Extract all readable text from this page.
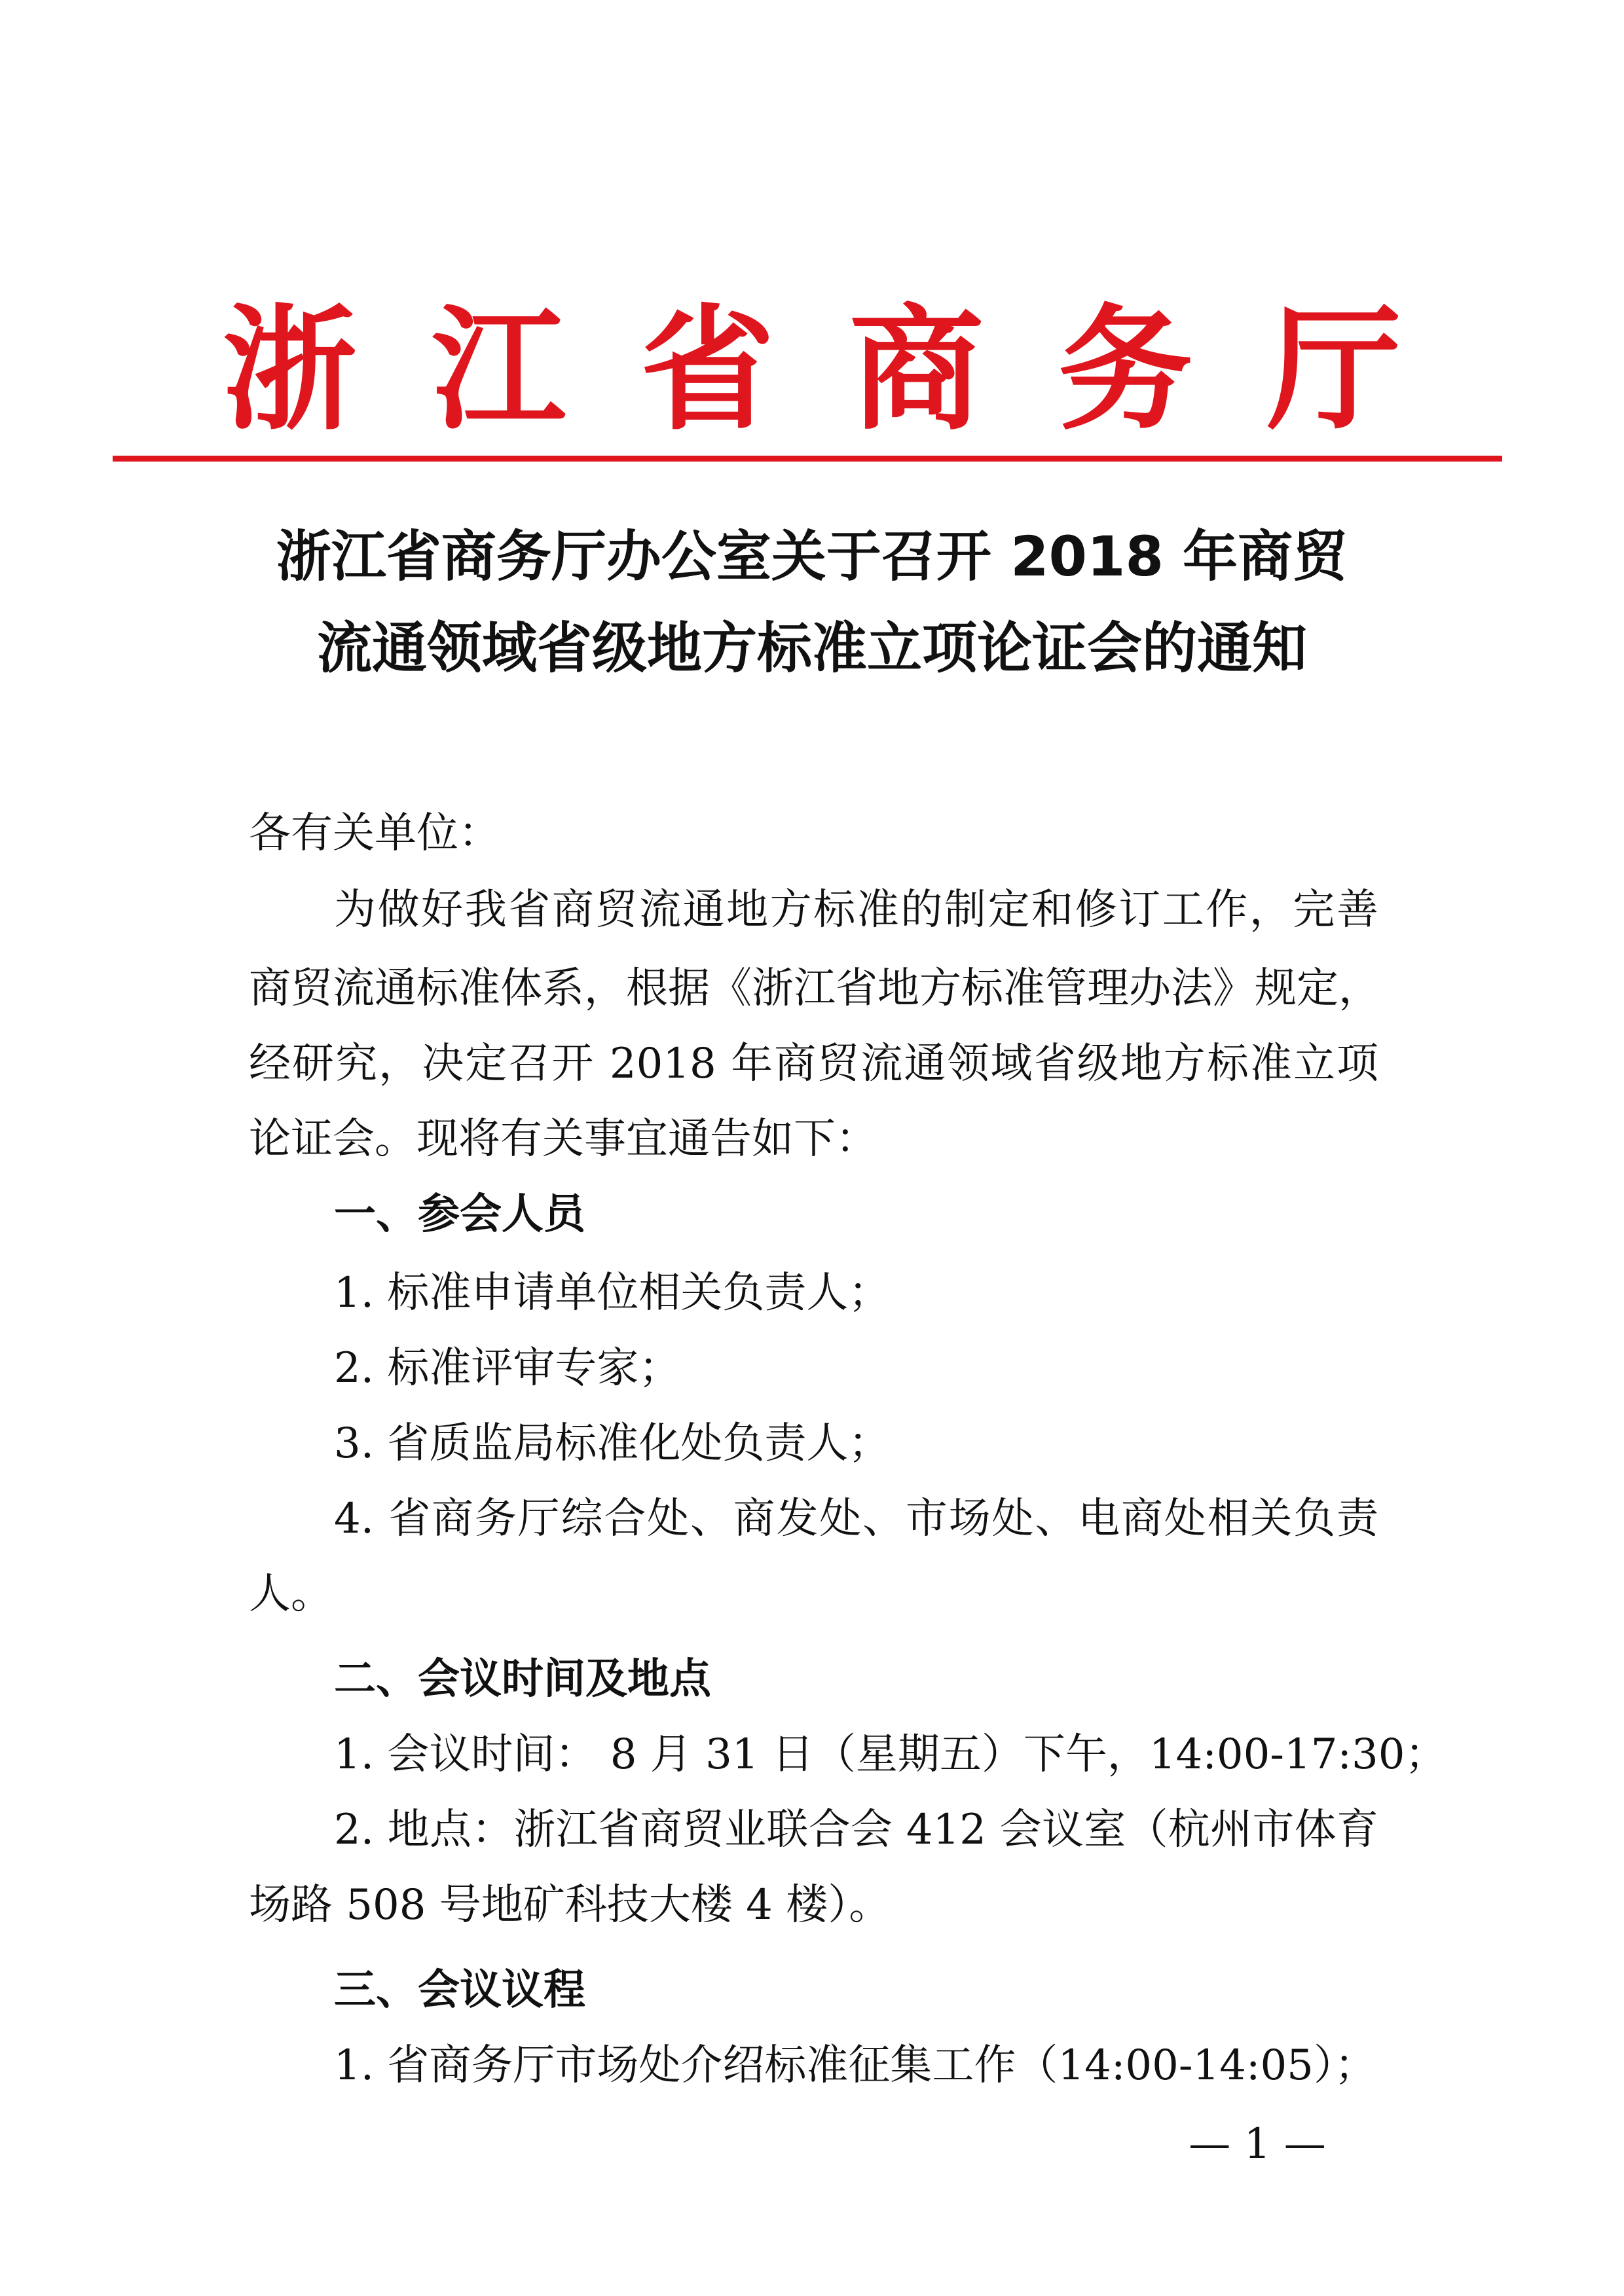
浙 江 省 商 务 厅
浙江省商务厅办公室关于召开 2018 年商贸
流通领域省级地方标准立项论证会的通知
各有关单位：
为做好我省商贸流通地方标准的制定和修订工作，完善
商贸流通标准体系，根据《浙江省地方标准管理办法》规定，
经研究，决定召开 2018 年商贸流通领域省级地方标准立项
论证会。现将有关事宜通告如下：
一、参会人员
1. 标准申请单位相关负责人；
2. 标准评审专家；
3. 省质监局标准化处负责人；
4. 省商务厅综合处、商发处、市场处、电商处相关负责
人。
二、会议时间及地点
1. 会议时间： 8 月 31 日（星期五）下午，14:00-17:30；
2. 地点：浙江省商贸业联合会 412 会议室（杭州市体育
场路 508 号地矿科技大楼 4 楼）。
三、会议议程
1. 省商务厅市场处介绍标准征集工作（14:00-14:05）；
— 1 —
